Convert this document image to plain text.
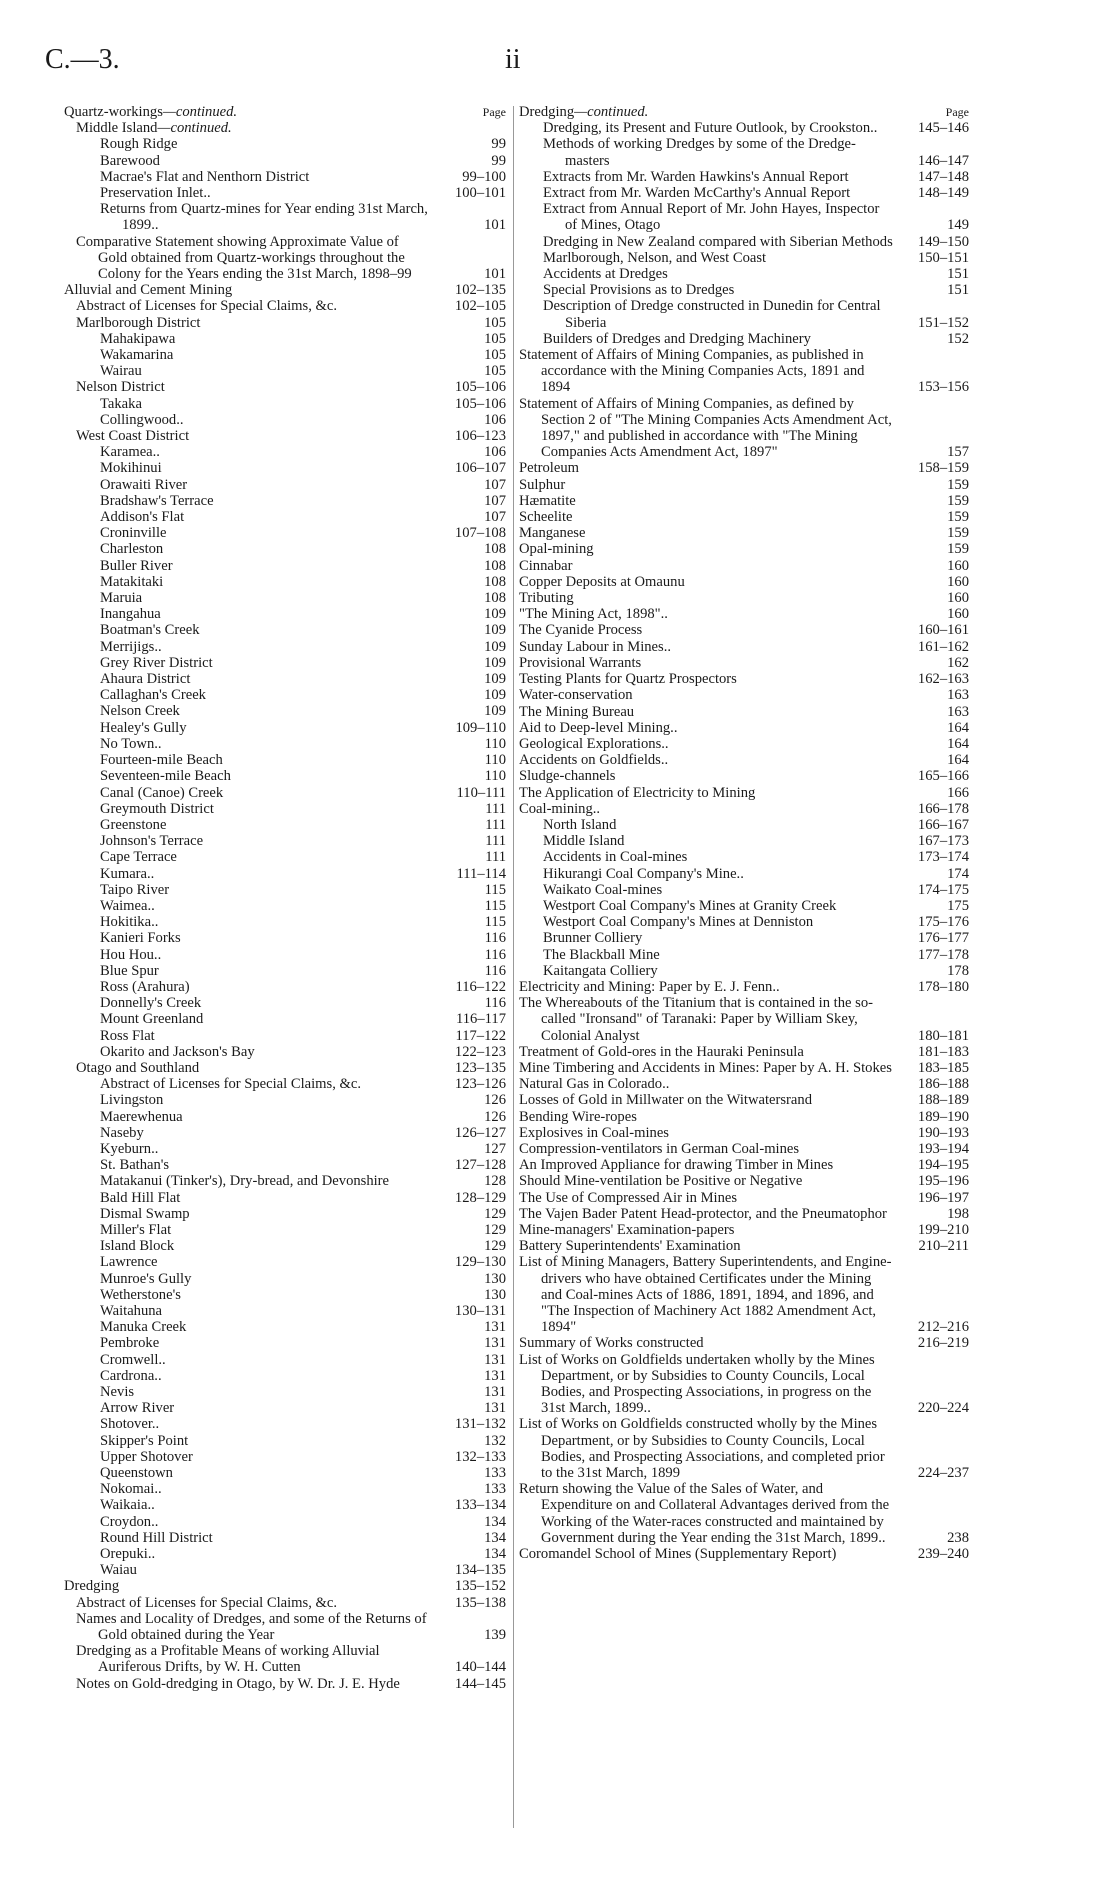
C.—3.	ii
Quartz-workings—continued.	Page
Middle Island—continued.
Rough Ridge	99
Barewood	99
Macrae's Flat and Nenthorn District	99–100
Preservation Inlet..	100–101
Returns from Quartz-mines for Year ending 31st March, 1899..	101
Comparative Statement showing Approximate Value of Gold obtained from Quartz-workings throughout the Colony for the Years ending the 31st March, 1898–99	101
Alluvial and Cement Mining	102–135
Abstract of Licenses for Special Claims, &c.	102–105
Marlborough District	105
Mahakipawa	105
Wakamarina	105
Wairau	105
Nelson District	105–106
Takaka	105–106
Collingwood..	106
West Coast District	106–123
Karamea..	106
Mokihinui	106–107
Orawaiti River	107
Bradshaw's Terrace	107
Addison's Flat	107
Croninville	107–108
Charleston	108
Buller River	108
Matakitaki	108
Maruia	108
Inangahua	109
Boatman's Creek	109
Merrijigs..	109
Grey River District	109
Ahaura District	109
Callaghan's Creek	109
Nelson Creek	109
Healey's Gully	109–110
No Town..	110
Fourteen-mile Beach	110
Seventeen-mile Beach	110
Canal (Canoe) Creek	110–111
Greymouth District	111
Greenstone	111
Johnson's Terrace	111
Cape Terrace	111
Kumara..	111–114
Taipo River	115
Waimea..	115
Hokitika..	115
Kanieri Forks	116
Hou Hou..	116
Blue Spur	116
Ross (Arahura)	116–122
Donnelly's Creek	116
Mount Greenland	116–117
Ross Flat	117–122
Okarito and Jackson's Bay	122–123
Otago and Southland	123–135
Abstract of Licenses for Special Claims, &c.	123–126
Livingston	126
Maerewhenua	126
Naseby	126–127
Kyeburn..	127
St. Bathan's	127–128
Matakanui (Tinker's), Dry-bread, and Devonshire	128
Bald Hill Flat	128–129
Dismal Swamp	129
Miller's Flat	129
Island Block	129
Lawrence	129–130
Munroe's Gully	130
Wetherstone's	130
Waitahuna	130–131
Manuka Creek	131
Pembroke	131
Cromwell..	131
Cardrona..	131
Nevis	131
Arrow River	131
Shotover..	131–132
Skipper's Point	132
Upper Shotover	132–133
Queenstown	133
Nokomai..	133
Waikaia..	133–134
Croydon..	134
Round Hill District	134
Orepuki..	134
Waiau	134–135
Dredging	135–152
Abstract of Licenses for Special Claims, &c.	135–138
Names and Locality of Dredges, and some of the Returns of Gold obtained during the Year	139
Dredging as a Profitable Means of working Alluvial Auriferous Drifts, by W. H. Cutten	140–144
Notes on Gold-dredging in Otago, by W. Dr. J. E. Hyde	144–145
Dredging—continued.	Page
Dredging, its Present and Future Outlook, by Crookston..	145–146
Methods of working Dredges by some of the Dredge-masters	146–147
Extracts from Mr. Warden Hawkins's Annual Report	147–148
Extract from Mr. Warden McCarthy's Annual Report	148–149
Extract from Annual Report of Mr. John Hayes, Inspector of Mines, Otago	149
Dredging in New Zealand compared with Siberian Methods	149–150
Marlborough, Nelson, and West Coast	150–151
Accidents at Dredges	151
Special Provisions as to Dredges	151
Description of Dredge constructed in Dunedin for Central Siberia	151–152
Builders of Dredges and Dredging Machinery	152
Statement of Affairs of Mining Companies, as published in accordance with the Mining Companies Acts, 1891 and 1894	153–156
Statement of Affairs of Mining Companies, as defined by Section 2 of "The Mining Companies Acts Amendment Act, 1897," and published in accordance with "The Mining Companies Acts Amendment Act, 1897"	157
Petroleum	158–159
Sulphur	159
Hæmatite	159
Scheelite	159
Manganese	159
Opal-mining	159
Cinnabar	160
Copper Deposits at Omaunu	160
Tributing	160
"The Mining Act, 1898"..	160
The Cyanide Process	160–161
Sunday Labour in Mines..	161–162
Provisional Warrants	162
Testing Plants for Quartz Prospectors	162–163
Water-conservation	163
The Mining Bureau	163
Aid to Deep-level Mining..	164
Geological Explorations..	164
Accidents on Goldfields..	164
Sludge-channels	165–166
The Application of Electricity to Mining	166
Coal-mining..	166–178
North Island	166–167
Middle Island	167–173
Accidents in Coal-mines	173–174
Hikurangi Coal Company's Mine..	174
Waikato Coal-mines	174–175
Westport Coal Company's Mines at Granity Creek	175
Westport Coal Company's Mines at Denniston	175–176
Brunner Colliery	176–177
The Blackball Mine	177–178
Kaitangata Colliery	178
Electricity and Mining: Paper by E. J. Fenn..	178–180
The Whereabouts of the Titanium that is contained in the so-called "Ironsand" of Taranaki: Paper by William Skey, Colonial Analyst	180–181
Treatment of Gold-ores in the Hauraki Peninsula	181–183
Mine Timbering and Accidents in Mines: Paper by A. H. Stokes	183–185
Natural Gas in Colorado..	186–188
Losses of Gold in Millwater on the Witwatersrand	188–189
Bending Wire-ropes	189–190
Explosives in Coal-mines	190–193
Compression-ventilators in German Coal-mines	193–194
An Improved Appliance for drawing Timber in Mines	194–195
Should Mine-ventilation be Positive or Negative	195–196
The Use of Compressed Air in Mines	196–197
The Vajen Bader Patent Head-protector, and the Pneumatophor	198
Mine-managers' Examination-papers	199–210
Battery Superintendents' Examination	210–211
List of Mining Managers, Battery Superintendents, and Engine-drivers who have obtained Certificates under the Mining and Coal-mines Acts of 1886, 1891, 1894, and 1896, and "The Inspection of Machinery Act 1882 Amendment Act, 1894"	212–216
Summary of Works constructed	216–219
List of Works on Goldfields undertaken wholly by the Mines Department, or by Subsidies to County Councils, Local Bodies, and Prospecting Associations, in progress on the 31st March, 1899..	220–224
List of Works on Goldfields constructed wholly by the Mines Department, or by Subsidies to County Councils, Local Bodies, and Prospecting Associations, and completed prior to the 31st March, 1899	224–237
Return showing the Value of the Sales of Water, and Expenditure on and Collateral Advantages derived from the Working of the Water-races constructed and maintained by Government during the Year ending the 31st March, 1899..	238
Coromandel School of Mines (Supplementary Report)	239–240
